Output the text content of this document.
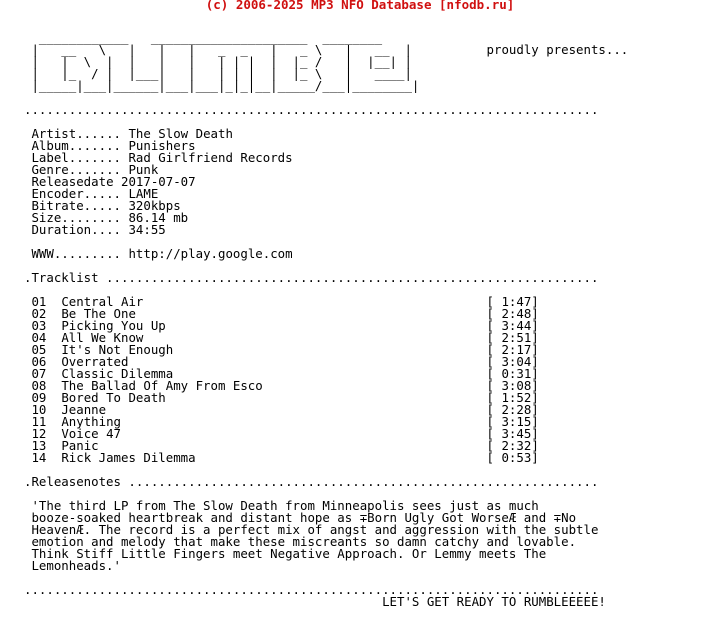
(c) 2006-2025 MP3 NFO Database [nfodb.ru]

____________   _____________________  ________
|   __   \   |   |   |   _  _   |   _ \   |   __  |	proudly presents...
|   |  \  |  |   |   |   | | |  |  |_ /   |  |__| |
|   |_  / |  |___|   |   | | |  |  |_ \   |   ____|
|_____|___|______|___|___|_|_|__|_____/___|________|

.............................................................................

Artist...... The Slow Death
Album....... Punishers
Label....... Rad Girlfriend Records
Genre....... Punk
Releasedate 2017-07-07
Encoder..... LAME
Bitrate..... 320kbps
Size........ 86.14 mb
Duration.... 34:55

WWW......... http://play.google.com

.Tracklist ..................................................................

01 Central Air                                              [ 1:47]
02 Be The One                                               [ 2:48]
03 Picking You Up                                           [ 3:44]
04 All We Know                                              [ 2:51]
05 It's Not Enough                                          [ 2:17]
06 Overrated                                                [ 3:04]
07 Classic Dilemma                                          [ 0:31]
08 The Ballad Of Amy From Esco                              [ 3:08]
09 Bored To Death                                           [ 1:52]
10 Jeanne                                                   [ 2:28]
11 Anything                                                 [ 3:15]
12 Voice 47                                                 [ 3:45]
13 Panic                                                    [ 2:32]
14 Rick James Dilemma                                       [ 0:53]

.Releasenotes ...............................................................

'The third LP from The Slow Death from Minneapolis sees just as much
booze-soaked heartbreak and distant hope as ∓Born Ugly Got WorseÆ and ∓No
HeavenÆ. The record is a perfect mix of angst and aggression with the subtle
emotion and melody that make these miscreants so damn catchy and lovable.
Think Stiff Little Fingers meet Negative Approach. Or Lemmy meets The
Lemonheads.'

.............................................................................
LET'S GET READY TO RUMBLEEEEE!
